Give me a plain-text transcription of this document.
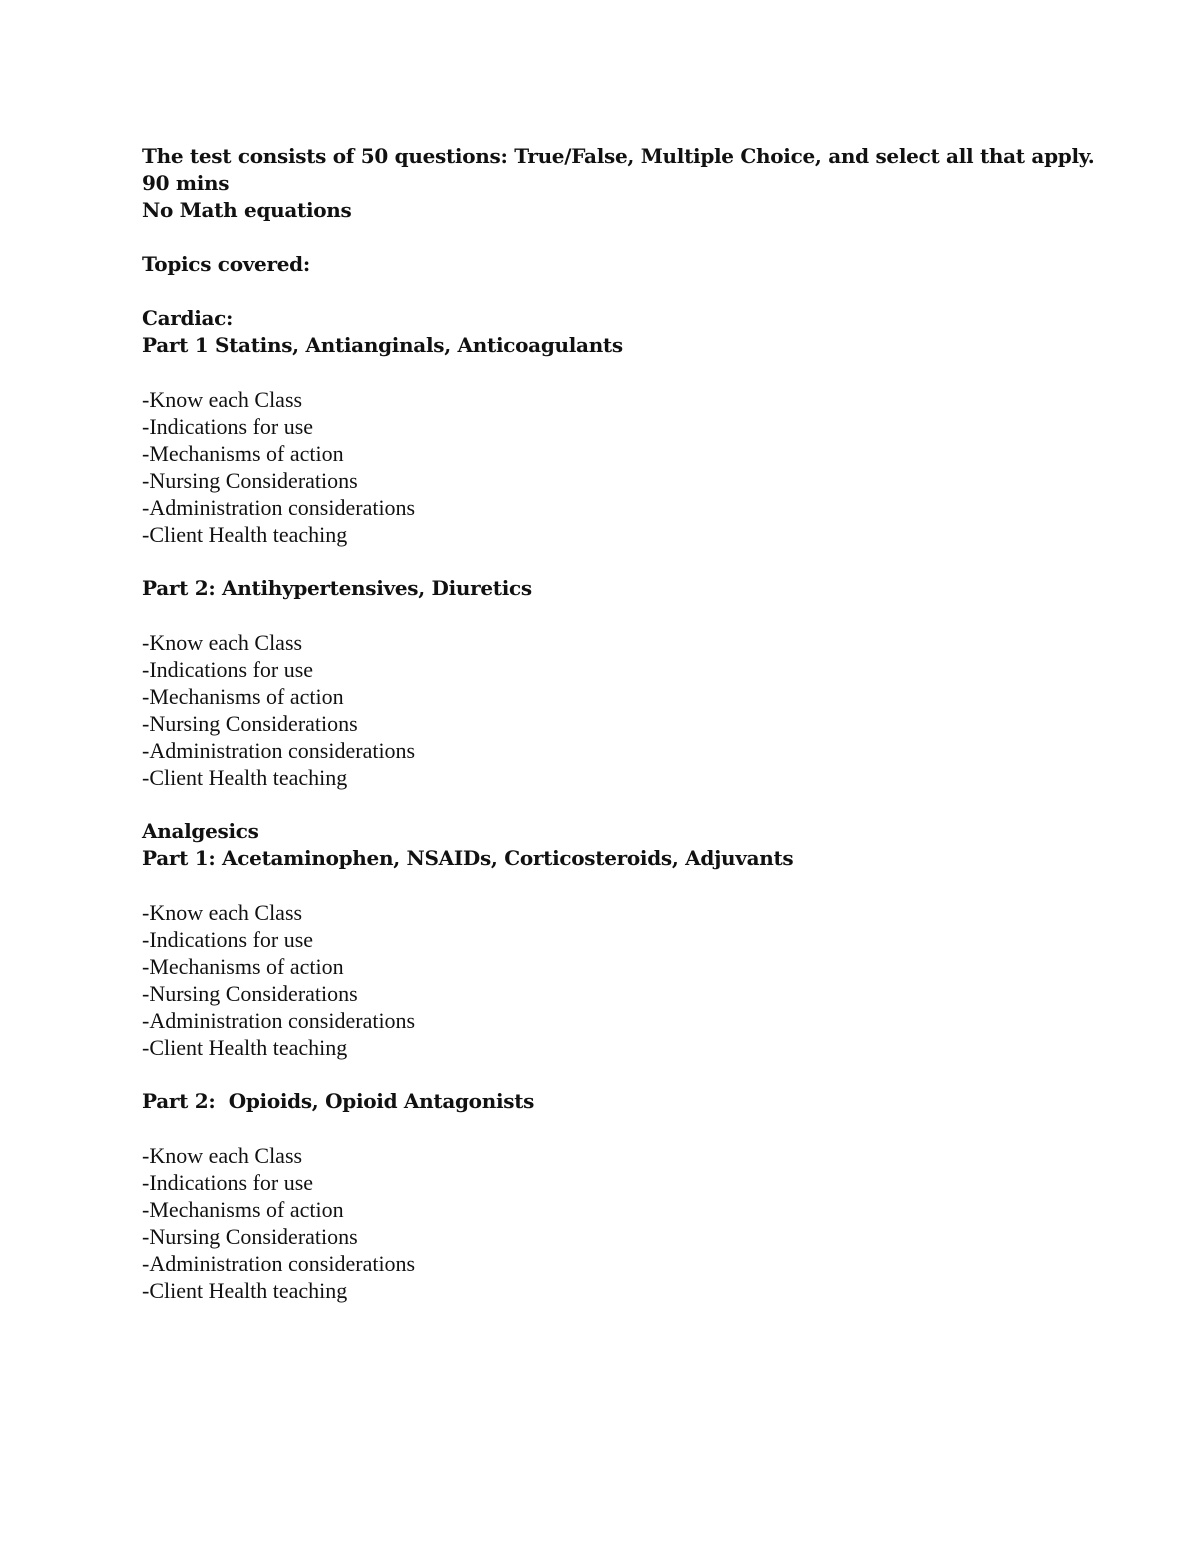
The test consists of 50 questions: True/False, Multiple Choice, and select all that apply.
90 mins
No Math equations
Topics covered:
Cardiac:
Part 1 Statins, Antianginals, Anticoagulants
-Know each Class
-Indications for use
-Mechanisms of action
-Nursing Considerations
-Administration considerations
-Client Health teaching
Part 2: Antihypertensives, Diuretics
-Know each Class
-Indications for use
-Mechanisms of action
-Nursing Considerations
-Administration considerations
-Client Health teaching
Analgesics
Part 1: Acetaminophen, NSAIDs, Corticosteroids, Adjuvants
-Know each Class
-Indications for use
-Mechanisms of action
-Nursing Considerations
-Administration considerations
-Client Health teaching
Part 2:  Opioids, Opioid Antagonists
-Know each Class
-Indications for use
-Mechanisms of action
-Nursing Considerations
-Administration considerations
-Client Health teaching
